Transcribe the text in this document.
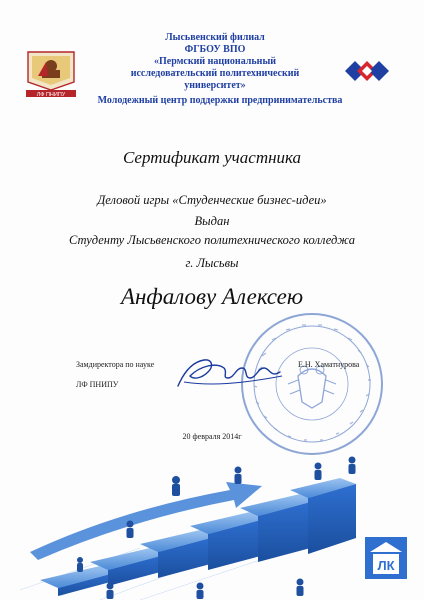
ЛФ ПНИПУ
Лысьвенский филиал
ФГБОУ ВПО
«Пермский национальный
исследовательский политехнический
университет»
Молодежный центр поддержки предпринимательства
Сертификат участника
Деловой игры «Студенческие бизнес-идеи»
Выдан
Студенту Лысьвенского политехнического колледжа
г. Лысьвы
Анфалову Алексею
Замдиректора по науке
ЛФ ПНИПУ
Е.Н. Хаматнурова
20 февраля 2014г
ЛК
